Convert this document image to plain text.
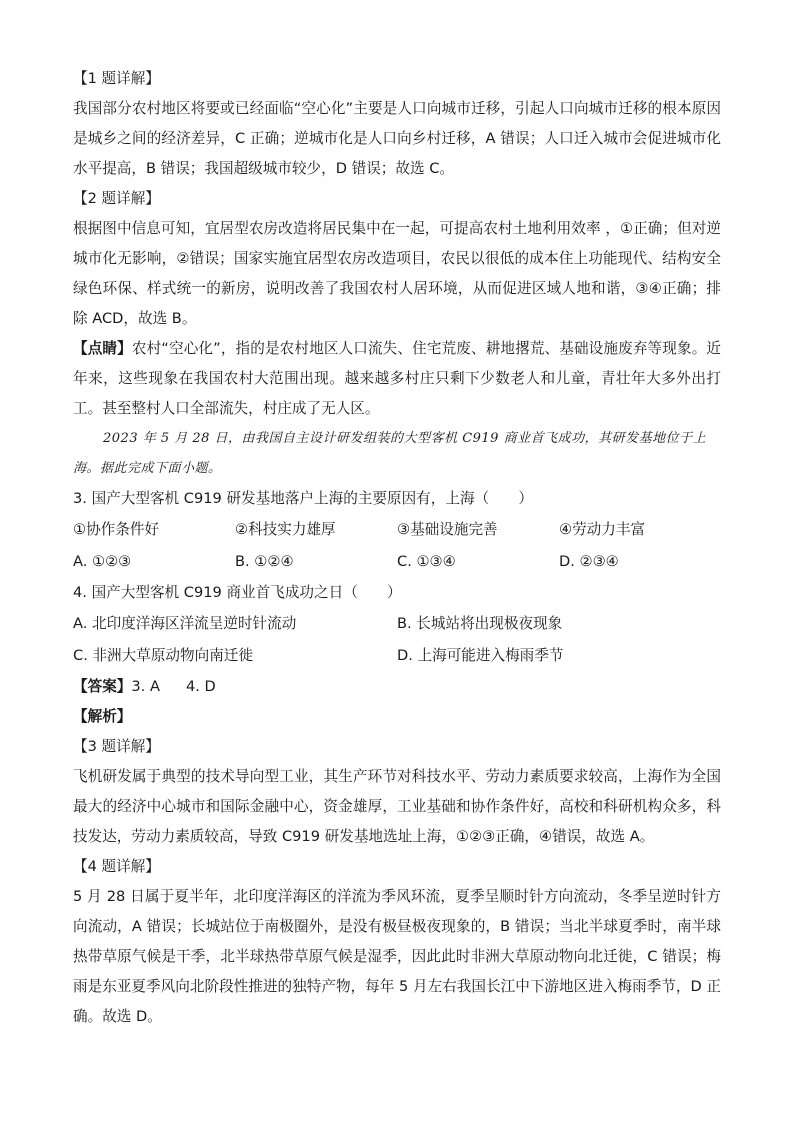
【1 题详解】

我国部分农村地区将要或已经面临“空心化”主要是人口向城市迁移，引起人口向城市迁移的根本原因是城乡之间的经济差异，C 正确；逆城市化是人口向乡村迁移，A 错误；人口迁入城市会促进城市化水平提高，B 错误；我国超级城市较少，D 错误；故选 C。

【2 题详解】

根据图中信息可知，宜居型农房改造将居民集中在一起，可提高农村土地利用效率 ，①正确；但对逆城市化无影响，②错误；国家实施宜居型农房改造项目，农民以很低的成本住上功能现代、结构安全绿色环保、样式统一的新房，说明改善了我国农村人居环境，从而促进区域人地和谐，③④正确；排除 ACD，故选 B。

【点睛】农村“空心化”，指的是农村地区人口流失、住宅荒废、耕地撂荒、基础设施废弃等现象。近年来，这些现象在我国农村大范围出现。越来越多村庄只剩下少数老人和儿童，青壮年大多外出打工。甚至整村人口全部流失，村庄成了无人区。

2023 年 5 月 28 日，由我国自主设计研发组装的大型客机 C919 商业首飞成功，其研发基地位于上海。据此完成下面小题。

3. 国产大型客机 C919 研发基地落户上海的主要原因有，上海（　　）

①协作条件好	②科技实力雄厚	③基础设施完善	④劳动力丰富
A. ①②③	B. ①②④	C. ①③④	D. ②③④

4. 国产大型客机 C919 商业首飞成功之日（　　）

A. 北印度洋海区洋流呈逆时针流动	B. 长城站将出现极夜现象
C. 非洲大草原动物向南迁徙	D. 上海可能进入梅雨季节

【答案】3. A 4. D

【解析】

【3 题详解】

飞机研发属于典型的技术导向型工业，其生产环节对科技水平、劳动力素质要求较高，上海作为全国最大的经济中心城市和国际金融中心，资金雄厚，工业基础和协作条件好，高校和科研机构众多，科技发达，劳动力素质较高，导致 C919 研发基地选址上海，①②③正确，④错误，故选 A。

【4 题详解】

5 月 28 日属于夏半年，北印度洋海区的洋流为季风环流，夏季呈顺时针方向流动，冬季呈逆时针方向流动，A 错误；长城站位于南极圈外，是没有极昼极夜现象的，B 错误；当北半球夏季时，南半球热带草原气候是干季，北半球热带草原气候是湿季，因此此时非洲大草原动物向北迁徙，C 错误；梅雨是东亚夏季风向北阶段性推进的独特产物，每年 5 月左右我国长江中下游地区进入梅雨季节，D 正确。故选 D。
